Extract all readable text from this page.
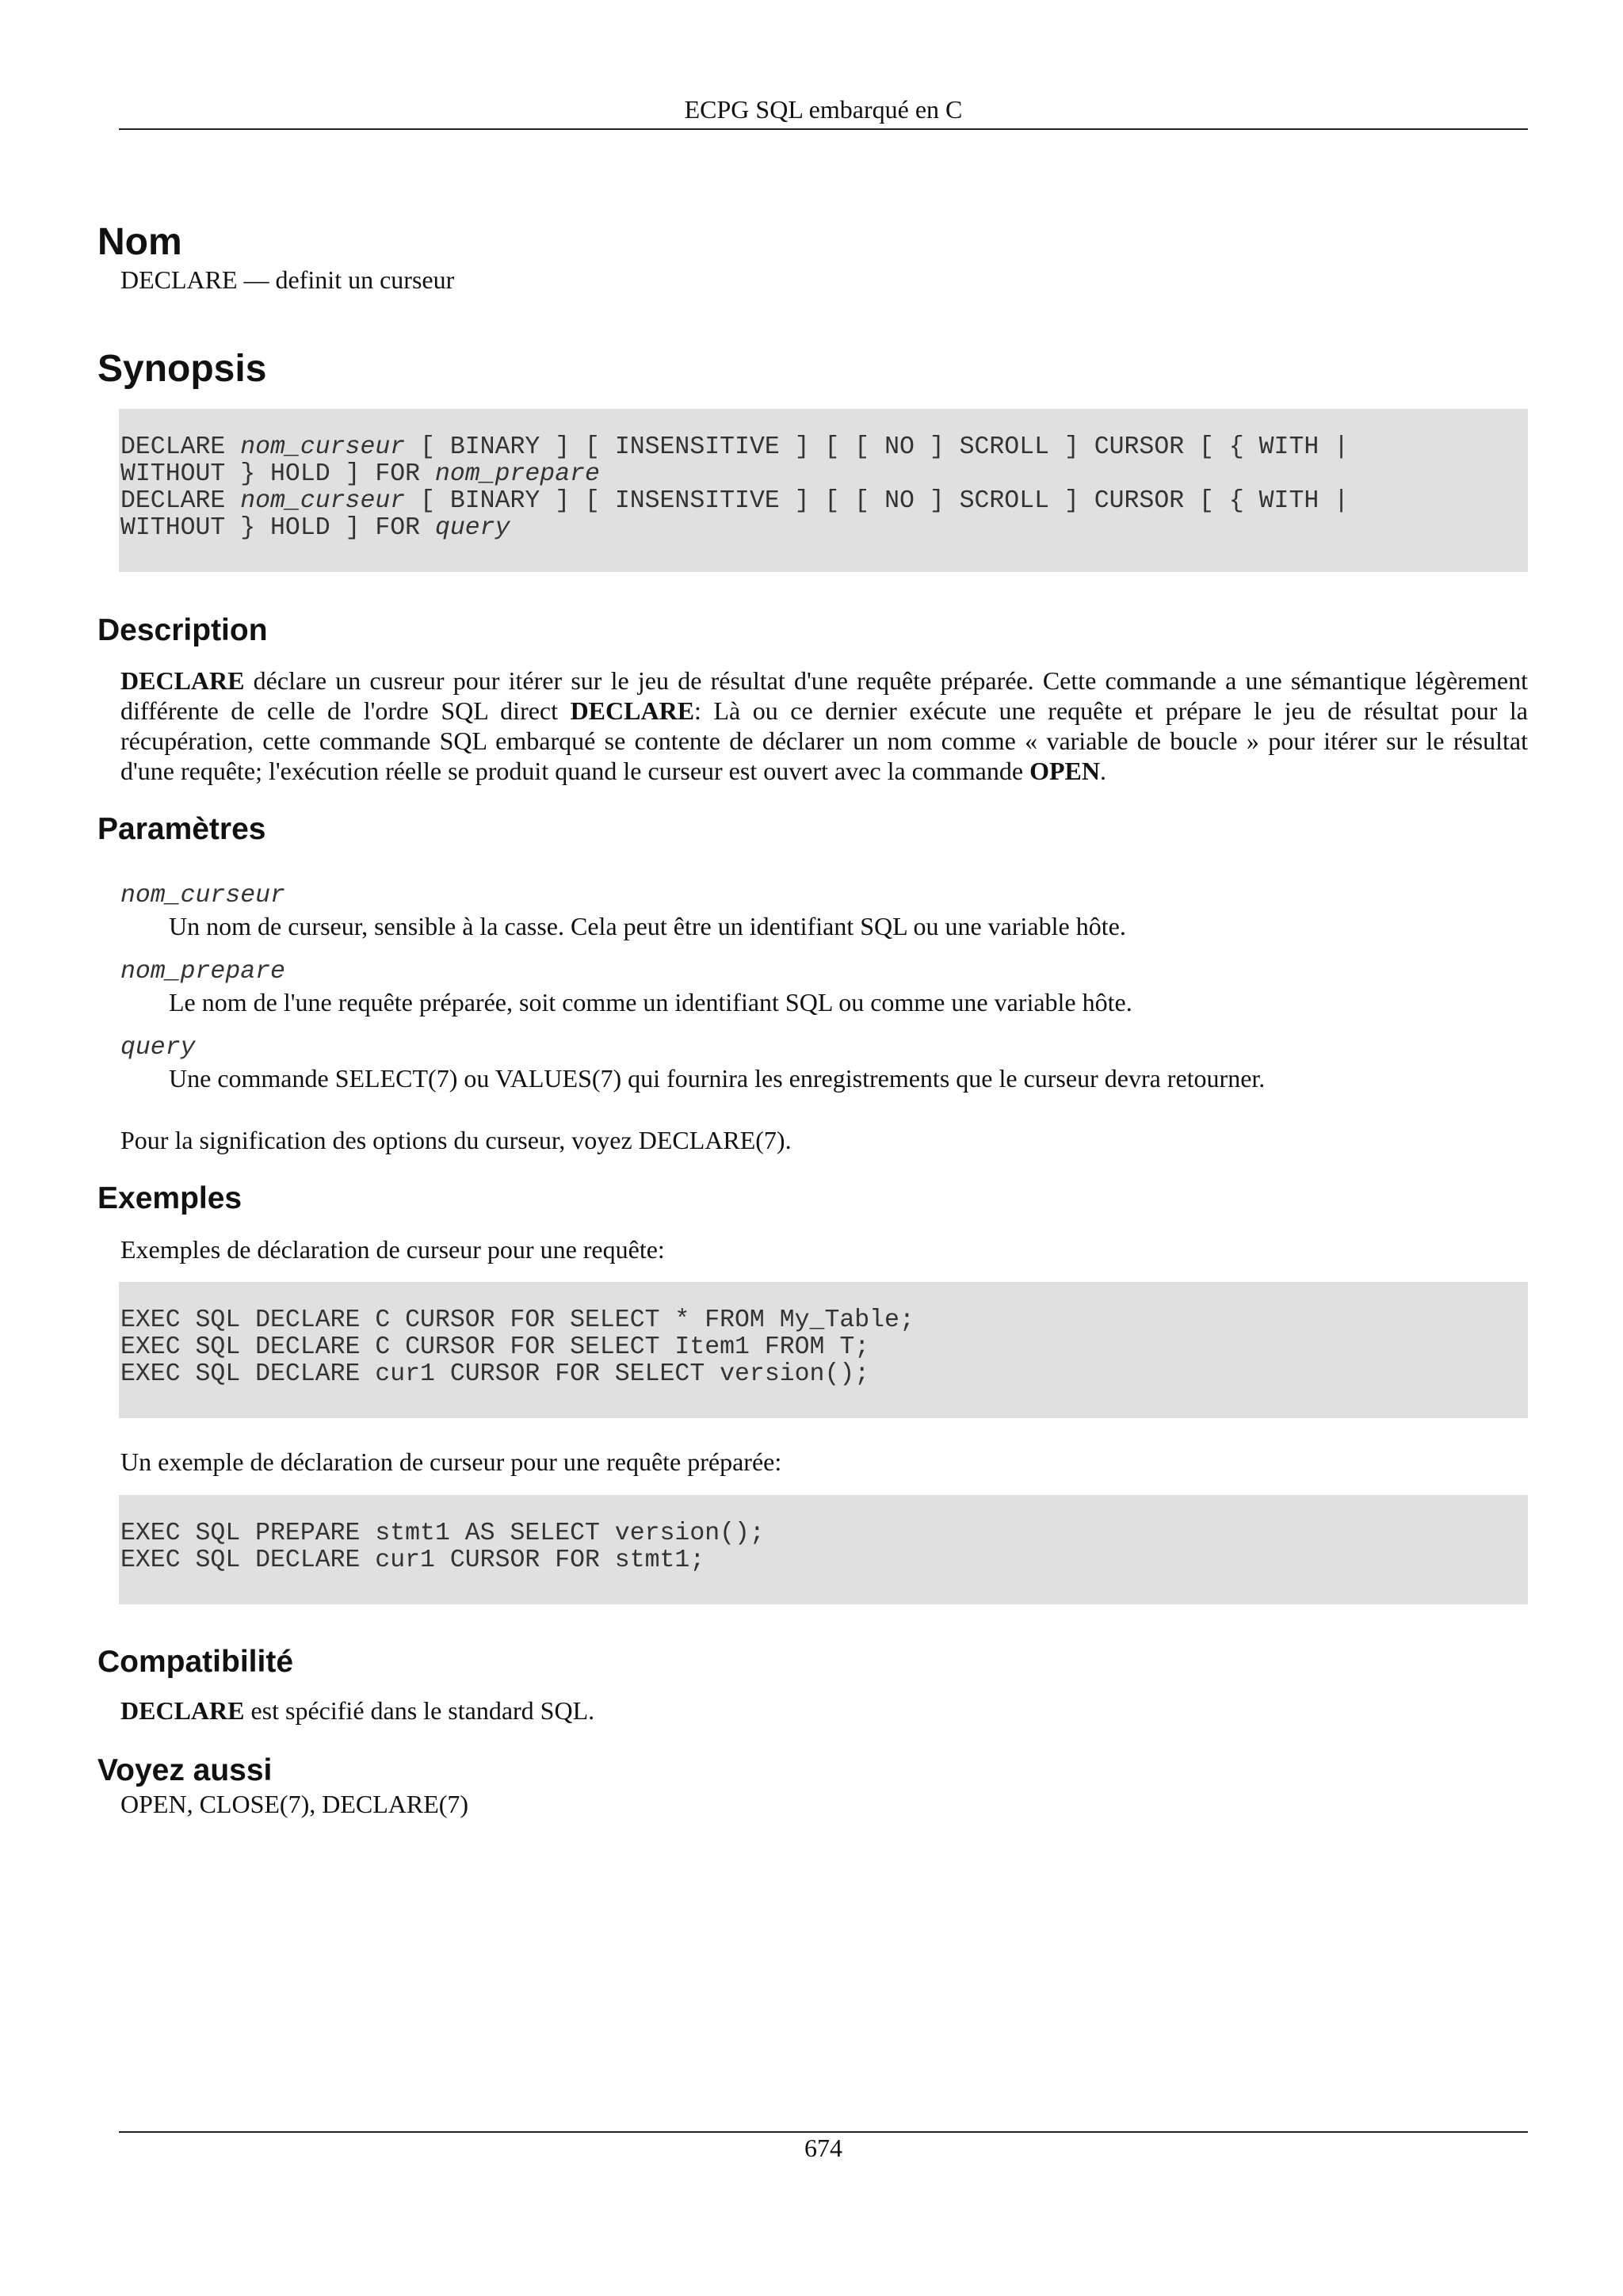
ECPG SQL embarqué en C
Nom

DECLARE — definit un curseur

Synopsis
DECLARE nom_curseur [ BINARY ] [ INSENSITIVE ] [ [ NO ] SCROLL ] CURSOR [ { WITH |
WITHOUT } HOLD ] FOR nom_prepare
DECLARE nom_curseur [ BINARY ] [ INSENSITIVE ] [ [ NO ] SCROLL ] CURSOR [ { WITH |
WITHOUT } HOLD ] FOR query
Description

DECLARE déclare un cusreur pour itérer sur le jeu de résultat d'une requête préparée. Cette commande a une sémantique légèrement différente de celle de l'ordre SQL direct DECLARE: Là ou ce dernier exécute une requête et prépare le jeu de résultat pour la récupération, cette commande SQL embarqué se contente de déclarer un nom comme « variable de boucle » pour itérer sur le résultat d'une requête; l'exécution réelle se produit quand le curseur est ouvert avec la commande OPEN.

Paramètres

nom_curseur

Un nom de curseur, sensible à la casse. Cela peut être un identifiant SQL ou une variable hôte.

nom_prepare

Le nom de l'une requête préparée, soit comme un identifiant SQL ou comme une variable hôte.

query

Une commande SELECT(7) ou VALUES(7) qui fournira les enregistrements que le curseur devra retourner.

Pour la signification des options du curseur, voyez DECLARE(7).

Exemples

Exemples de déclaration de curseur pour une requête:

EXEC SQL DECLARE C CURSOR FOR SELECT * FROM My_Table;
EXEC SQL DECLARE C CURSOR FOR SELECT Item1 FROM T;
EXEC SQL DECLARE cur1 CURSOR FOR SELECT version();

Un exemple de déclaration de curseur pour une requête préparée:

EXEC SQL PREPARE stmt1 AS SELECT version();
EXEC SQL DECLARE cur1 CURSOR FOR stmt1;
Compatibilité

DECLARE est spécifié dans le standard SQL.

Voyez aussi

OPEN, CLOSE(7), DECLARE(7)

674
